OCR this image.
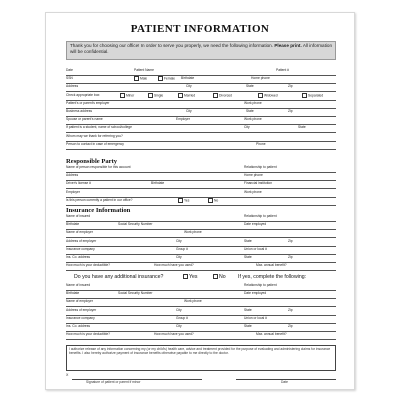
PATIENT INFORMATION
Thank you for choosing our office! In order to serve you properly, we need the following information. Please print. All information will be confidential.
Date	Patient Name	Patient #
SSN	Male	Female Birthdate	Home phone
Address	City	State	Zip
Check appropriate box:	Minor	Single	Married	Divorced	Widowed	Separated
Patient's or parent's employer	Work phone
Business address	City	State	Zip
Spouse or parent's name	Employer	Work phone
If patient is a student, name of school/college	City	State
Whom may we thank for referring you?
Person to contact in case of emergency	Phone
Responsible Party
Name of person responsible for this account	Relationship to patient
Address	Home phone
Driver's license #	Birthdate	Financial institution
Employer	Work phone
Is this person currently a patient in our office?	Yes	No
Insurance Information
Name of insured	Relationship to patient
Birthdate	Social Security Number	Date employed
Name of employer	Work phone
Address of employer	City	State	Zip
Insurance company	Group #	Union or local #
Ins. Co. address	City	State	Zip
How much is your deductible?	How much have you used?	Max. annual benefit?
Do you have any additional insurance?	Yes	No If yes, complete the following:
Name of insured	Relationship to patient
Birthdate	Social Security Number	Date employed
Name of employer	Work phone
Address of employer	City	State	Zip
Insurance company	Group #	Union or local #
Ins. Co. address	City	State	Zip
How much is your deductible?	How much have you used?	Max. annual benefit?
I authorize release of any information concerning my (or my child's) health care, advice and treatment provided for the purpose of evaluating and administering claims for insurance benefits. I also hereby authorize payment of insurance benefits otherwise payable to me directly to the doctor.
X
Signature of patient or parent if minor	Date
